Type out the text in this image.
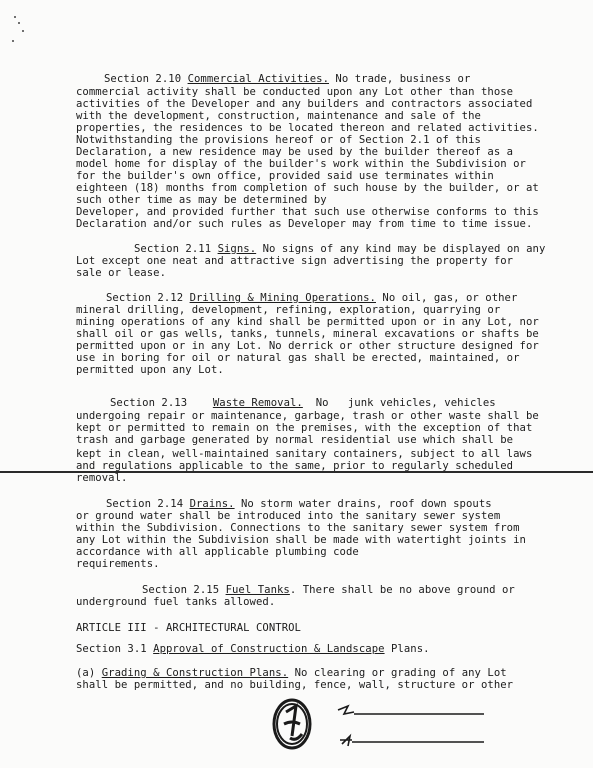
Section 2.10 Commercial Activities. No trade, business or
commercial activity shall be conducted upon any Lot other than those
activities of the Developer and any builders and contractors associated
with the development, construction, maintenance and sale of the
properties, the residences to be located thereon and related activities.
Notwithstanding the provisions hereof or of Section 2.1 of this
Declaration, a new residence may be used by the builder thereof as a
model home for display of the builder's work within the Subdivision or
for the builder's own office, provided said use terminates within
eighteen (18) months from completion of such house by the builder, or at
such other time as may be determined by
Developer, and provided further that such use otherwise conforms to this
Declaration and/or such rules as Developer may from time to time issue.
Section 2.11 Signs. No signs of any kind may be displayed on any
Lot except one neat and attractive sign advertising the property for
sale or lease.
Section 2.12 Drilling & Mining Operations. No oil, gas, or other
mineral drilling, development, refining, exploration, quarrying or
mining operations of any kind shall be permitted upon or in any Lot, nor
shall oil or gas wells, tanks, tunnels, mineral excavations or shafts be
permitted upon or in any Lot. No derrick or other structure designed for
use in boring for oil or natural gas shall be erected, maintained, or
permitted upon any Lot.
Section 2.13    Waste Removal.  No   junk vehicles, vehicles
undergoing repair or maintenance, garbage, trash or other waste shall be
kept or permitted to remain on the premises, with the exception of that
trash and garbage generated by normal residential use which shall be
kept in clean, well-maintained sanitary containers, subject to all laws
and regulations applicable to the same, prior to regularly scheduled
removal.
Section 2.14 Drains. No storm water drains, roof down spouts
or ground water shall be introduced into the sanitary sewer system
within the Subdivision. Connections to the sanitary sewer system from
any Lot within the Subdivision shall be made with watertight joints in
accordance with all applicable plumbing code
requirements.
Section 2.15 Fuel Tanks. There shall be no above ground or
underground fuel tanks allowed.
ARTICLE III - ARCHITECTURAL CONTROL
Section 3.1 Approval of Construction & Landscape Plans.
(a) Grading & Construction Plans. No clearing or grading of any Lot
shall be permitted, and no building, fence, wall, structure or other
